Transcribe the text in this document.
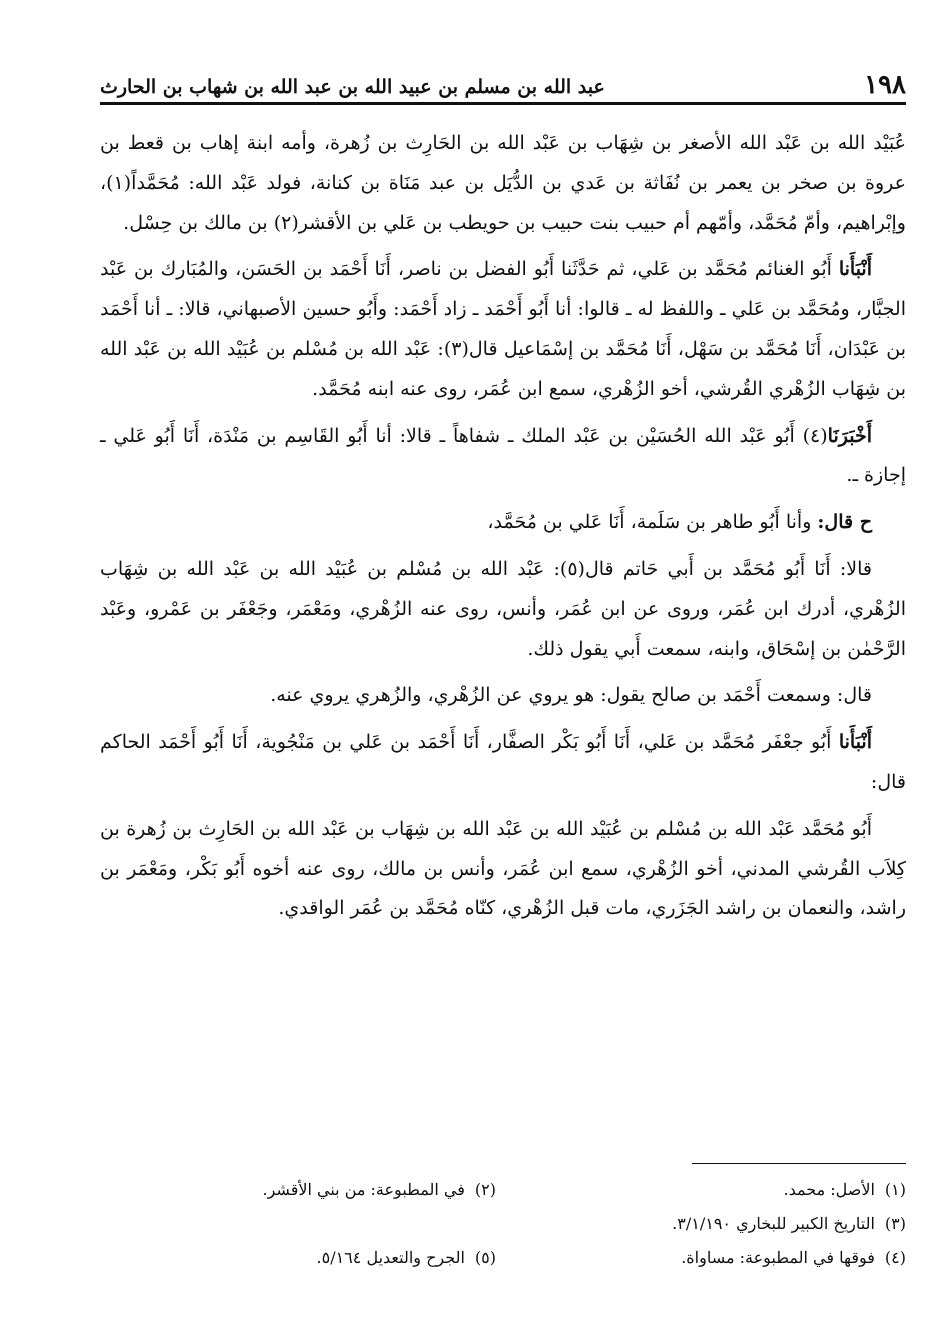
١٩٨
عبد الله بن مسلم بن عبيد الله بن عبد الله بن شهاب بن الحارث

عُبَيْد الله بن عَبْد الله الأصغر بن شِهَاب بن عَبْد الله بن الحَارِث بن زُهرة، وأمه ابنة إهاب بن قعط بن عروة بن صخر بن يعمر بن نُفَاثة بن عَدي بن الدُّيَل بن عبد مَنَاة بن كنانة، فولد عَبْد الله: مُحَمَّداً(١)، وإبْراهيم، وأمّ مُحَمَّد، وأمّهم أم حبيب بنت حبيب بن حويطب بن عَلي بن الأقشر(٢) بن مالك بن حِسْل.

أَنْبَأَنا أَبُو الغنائم مُحَمَّد بن عَلي، ثم حَدَّثَنا أَبُو الفضل بن ناصر، أَنَا أَحْمَد بن الحَسَن، والمُبَارك بن عَبْد الجبَّار، ومُحَمَّد بن عَلي ـ واللفظ له ـ قالوا: أنا أَبُو أَحْمَد ـ زاد أَحْمَد: وأَبُو حسين الأصبهاني، قالا: ـ أنا أَحْمَد بن عَبْدَان، أَنَا مُحَمَّد بن سَهْل، أَنَا مُحَمَّد بن إسْمَاعيل قال(٣): عَبْد الله بن مُسْلم بن عُبَيْد الله بن عَبْد الله بن شِهَاب الزُهْري القُرشي، أخو الزُهْري، سمع ابن عُمَر، روى عنه ابنه مُحَمَّد.

أَخْبَرَنَا(٤) أَبُو عَبْد الله الحُسَيْن بن عَبْد الملك ـ شفاهاً ـ قالا: أنا أَبُو القَاسِم بن مَنْدَة، أَنَا أَبُو عَلي ـ إجازة ـ.

ح قال: وأنا أَبُو طاهر بن سَلَمة، أَنَا عَلي بن مُحَمَّد،

قالا: أَنَا أَبُو مُحَمَّد بن أَبي حَاتم قال(٥): عَبْد الله بن مُسْلم بن عُبَيْد الله بن عَبْد الله بن شِهَاب الزُهْري، أدرك ابن عُمَر، وروى عن ابن عُمَر، وأنس، روى عنه الزُهْري، ومَعْمَر، وجَعْفَر بن عَمْرو، وعَبْد الرَّحْمٰن بن إسْحَاق، وابنه، سمعت أَبي يقول ذلك.

قال: وسمعت أَحْمَد بن صالح يقول: هو يروي عن الزُهْري، والزُهري يروي عنه.

أَنْبَأَنا أَبُو جعْفَر مُحَمَّد بن عَلي، أَنَا أَبُو بَكْر الصفَّار، أَنَا أَحْمَد بن عَلي بن مَنْجُوية، أَنَا أَبُو أَحْمَد الحاكم قال:

أَبُو مُحَمَّد عَبْد الله بن مُسْلم بن عُبَيْد الله بن عَبْد الله بن شِهَاب بن عَبْد الله بن الحَارِث بن زُهرة بن كِلاَب القُرشي المدني، أخو الزُهْري، سمع ابن عُمَر، وأنس بن مالك، روى عنه أخوه أَبُو بَكْر، ومَعْمَر بن راشد، والنعمان بن راشد الجَزَري، مات قبل الزُهْري، كنّاه مُحَمَّد بن عُمَر الواقدي.

(١)الأصل: محمد.
(٢)في المطبوعة: من بني الأقشر.
(٣)التاريخ الكبير للبخاري ٣/١/١٩٠.
(٤)فوقها في المطبوعة: مساواة.
(٥)الجرح والتعديل ٥/١٦٤.
